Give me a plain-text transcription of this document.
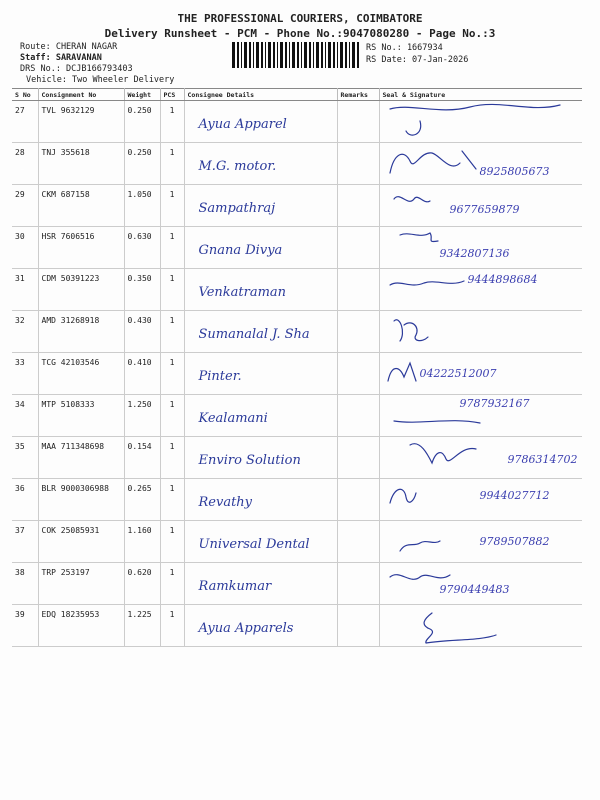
THE PROFESSIONAL COURIERS, COIMBATORE
Delivery Runsheet - PCM - Phone No.:9047080280 - Page No.:3
Route: CHERAN NAGAR
Staff: SARAVANAN
DRS No.: DCJB166793403
Vehicle: Two Wheeler Delivery
RS No.: 1667934
RS Date: 07-Jan-2026
S No	Consignment No	Weight	PCS	Consignee Details	Remarks	Seal & Signature
27	TVL 9632129	0.250	1	Ayua Apparel

28	TNJ 355618	0.250	1	M.G. motor.		8925805673

29	CKM 687158	1.050	1	Sampathraj		9677659879

30	HSR 7606516	0.630	1	Gnana Divya		9342807136

31	CDM 50391223	0.350	1	Venkatraman		9444898684

32	AMD 31268918	0.430	1	Sumanalal J. Sha

33	TCG 42103546	0.410	1	Pinter.		04222512007

34	MTP 5108333	1.250	1	Kealamani		9787932167

35	MAA 711348698	0.154	1	Enviro Solution		9786314702

36	BLR 9000306988	0.265	1	Revathy		9944027712

37	COK 25085931	1.160	1	Universal Dental		9789507882

38	TRP 253197	0.620	1	Ramkumar		9790449483

39	EDQ 18235953	1.225	1	Ayua Apparels
